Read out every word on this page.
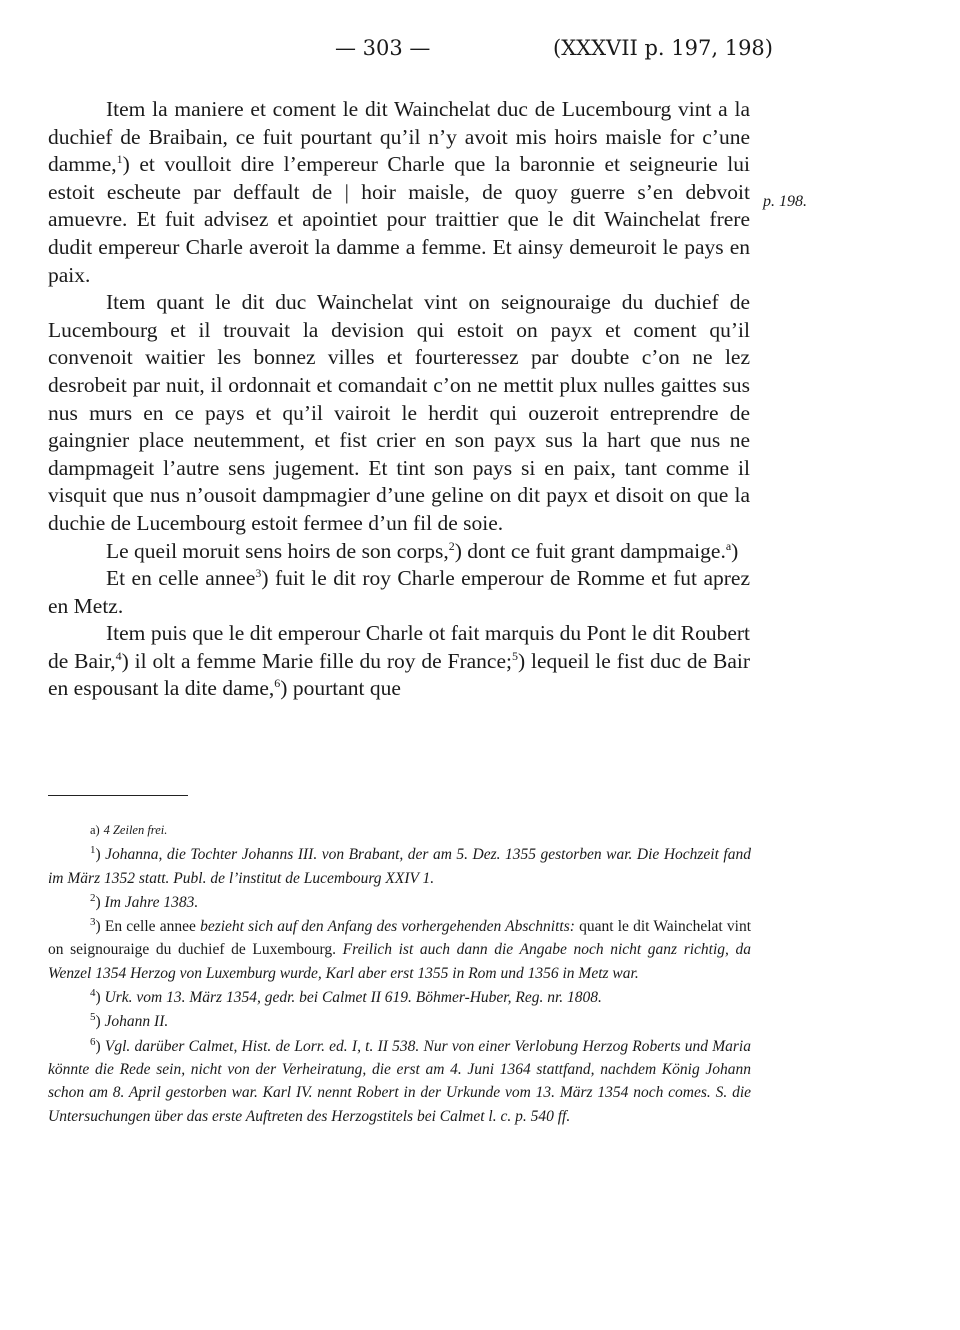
— 303 —	(XXXVII p. 197, 198)
p. 198.

Item la maniere et coment le dit Wainchelat duc de Lucembourg vint a la duchief de Braibain, ce fuit pourtant qu’il n’y avoit mis hoirs maisle for c’une damme,$^1$) et voulloit dire l’empereur Charle que la baronnie et seigneurie lui estoit escheute par deffault de | hoir maisle, de quoy guerre s’en debvoit amuevre. Et fuit advisez et apointiet pour traittier que le dit Wainchelat frere dudit empereur Charle averoit la damme a femme. Et ainsy demeuroit le pays en paix.

Item quant le dit duc Wainchelat vint on seignouraige du duchief de Lucembourg et il trouvait la devision qui estoit on payx et coment qu’il convenoit waitier les bonnez villes et fourteressez par doubte c’on ne lez desrobeit par nuit, il ordonnait et comandait c’on ne mettit plux nulles gaittes sus nus murs en ce pays et qu’il vairoit le herdit qui ouzeroit entreprendre de gaingnier place neutemment, et fist crier en son payx sus la hart que nus ne dampmageit l’autre sens jugement. Et tint son pays si en paix, tant comme il visquit que nus n’ousoit dampmagier d’une geline on dit payx et disoit on que la duchie de Lucembourg estoit fermee d’un fil de soie.

Le queil moruit sens hoirs de son corps,$^2$) dont ce fuit grant dampmaige.$^a$)

Et en celle annee$^3$) fuit le dit roy Charle emperour de Romme et fut aprez en Metz.

Item puis que le dit emperour Charle ot fait marquis du Pont le dit Roubert de Bair,$^4$) il olt a femme Marie fille du roy de France;$^5$) lequeil le fist duc de Bair en espousant la dite dame,$^6$) pourtant que

a) 4 Zeilen frei.

$^1$) Johanna, die Tochter Johanns III. von Brabant, der am 5. Dez. 1355 gestorben war. Die Hochzeit fand im März 1352 statt. Publ. de l’institut de Lucembourg XXIV 1.

$^2$) Im Jahre 1383.

$^3$) En celle annee bezieht sich auf den Anfang des vorhergehenden Abschnitts: quant le dit Wainchelat vint on seignouraige du duchief de Luxembourg. Freilich ist auch dann die Angabe noch nicht ganz richtig, da Wenzel 1354 Herzog von Luxemburg wurde, Karl aber erst 1355 in Rom und 1356 in Metz war.

$^4$) Urk. vom 13. März 1354, gedr. bei Calmet II 619. Böhmer-Huber, Reg. nr. 1808.

$^5$) Johann II.

$^6$) Vgl. darüber Calmet, Hist. de Lorr. ed. I, t. II 538. Nur von einer Verlobung Herzog Roberts und Maria könnte die Rede sein, nicht von der Verheiratung, die erst am 4. Juni 1364 stattfand, nachdem König Johann schon am 8. April gestorben war. Karl IV. nennt Robert in der Urkunde vom 13. März 1354 noch comes. S. die Untersuchungen über das erste Auftreten des Herzogstitels bei Calmet l. c. p. 540 ff.
